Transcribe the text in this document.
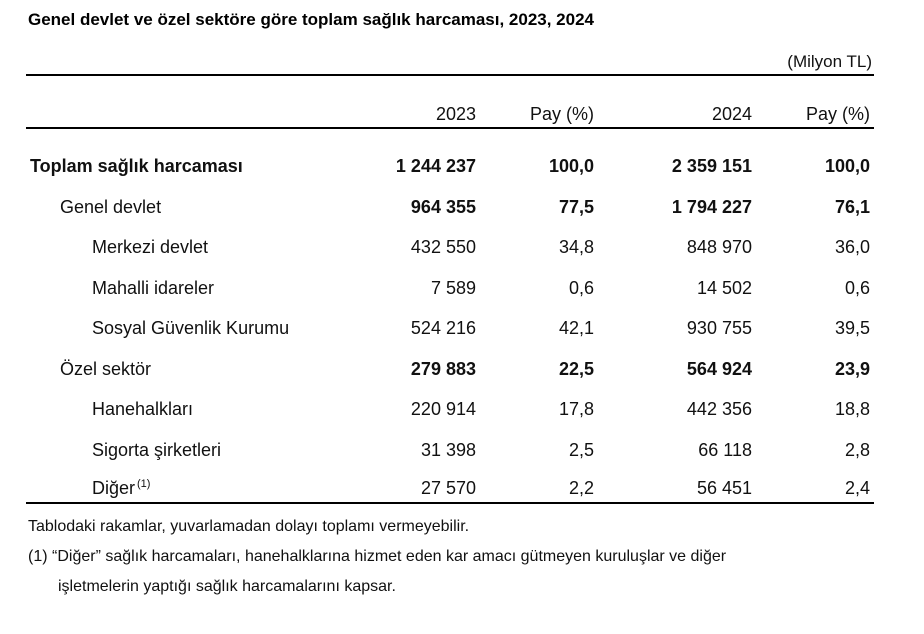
Genel devlet ve özel sektöre göre toplam sağlık harcaması, 2023, 2024
(Milyon TL)
2023	Pay (%)	2024	Pay (%)
Toplam sağlık harcaması	1 244 237	100,0	2 359 151	100,0
Genel devlet	964 355	77,5	1 794 227	76,1
Merkezi devlet	432 550	34,8	848 970	36,0
Mahalli idareler	7 589	0,6	14 502	0,6
Sosyal Güvenlik Kurumu	524 216	42,1	930 755	39,5
Özel sektör	279 883	22,5	564 924	23,9
Hanehalkları	220 914	17,8	442 356	18,8
Sigorta şirketleri	31 398	2,5	66 118	2,8
Diğer $^{(1)}$	27 570	2,2	56 451	2,4
Tablodaki rakamlar, yuvarlamadan dolayı toplamı vermeyebilir.
(1) “Diğer” sağlık harcamaları, hanehalklarına hizmet eden kar amacı gütmeyen kuruluşlar ve diğer
işletmelerin yaptığı sağlık harcamalarını kapsar.
